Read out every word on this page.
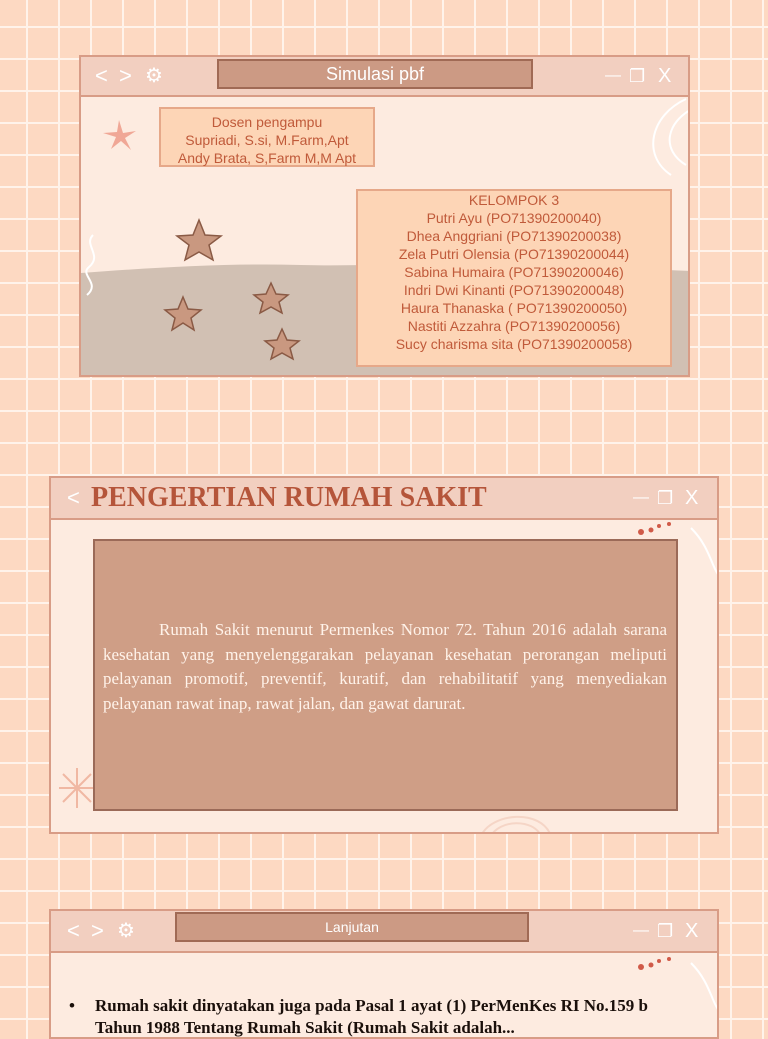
< > ⚙	Simulasi pbf	— ❐ X
Dosen pengampu
Supriadi, S.si, M.Farm,Apt
Andy Brata, S,Farm M,M Apt
KELOMPOK 3
Putri Ayu (PO71390200040)
Dhea Anggriani (PO71390200038)
Zela Putri Olensia (PO71390200044)
Sabina Humaira (PO71390200046)
Indri Dwi Kinanti (PO71390200048)
Haura Thanaska ( PO71390200050)
Nastiti Azzahra (PO71390200056)
Sucy charisma sita (PO71390200058)
< PENGERTIAN RUMAH SAKIT	— ❐ X

Rumah Sakit menurut Permenkes Nomor 72. Tahun 2016 adalah sarana kesehatan yang menyelenggarakan pelayanan kesehatan perorangan meliputi pelayanan promotif, preventif, kuratif, dan rehabilitatif yang menyediakan pelayanan rawat inap, rawat jalan, dan gawat darurat.

< > ⚙	Lanjutan	— ❐ X
• Rumah sakit dinyatakan juga pada Pasal 1 ayat (1) PerMenKes RI No.159 b Tahun 1988 Tentang Rumah Sakit (Rumah Sakit adalah...
